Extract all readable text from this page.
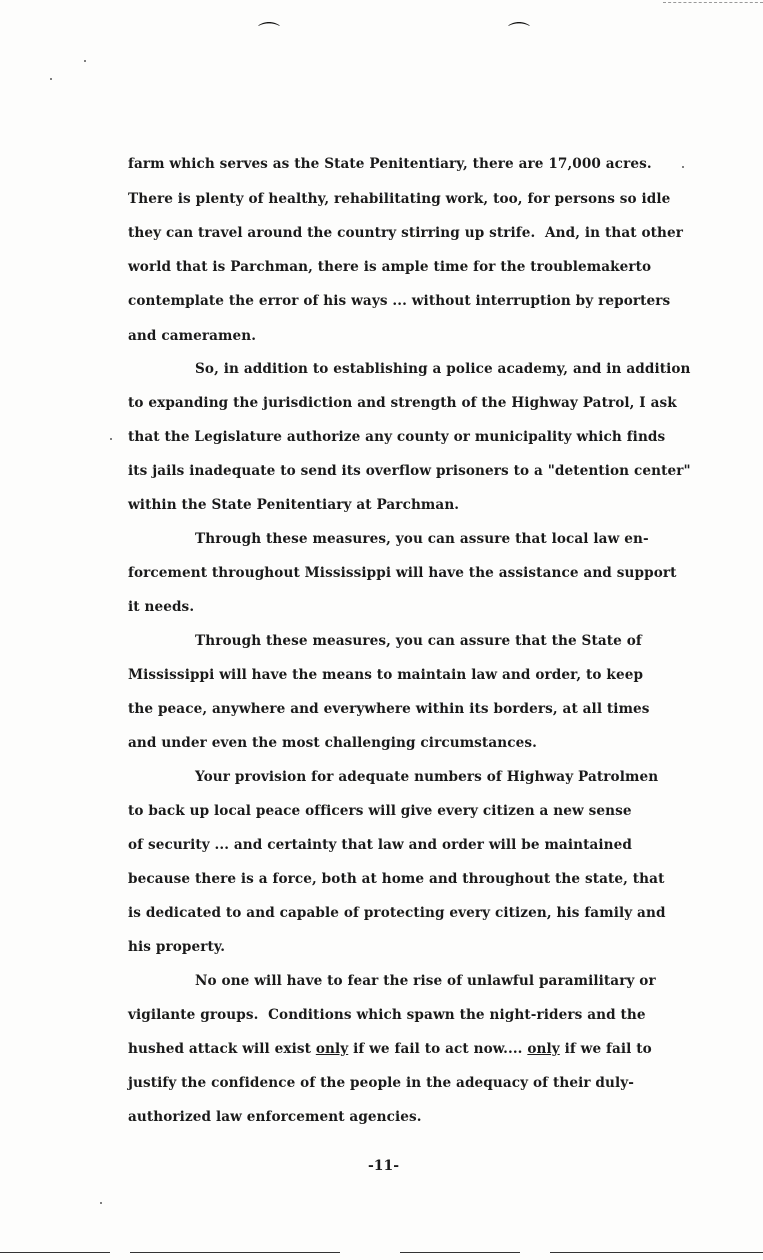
⌒	⌒
farm which serves as the State Penitentiary, there are 17,000 acres.
There is plenty of healthy, rehabilitating work, too, for persons so idle
they can travel around the country stirring up strife.  And, in that other
world that is Parchman, there is ample time for the troublemakerto
contemplate the error of his ways ... without interruption by reporters
and cameramen.
So, in addition to establishing a police academy, and in addition
to expanding the jurisdiction and strength of the Highway Patrol, I ask
that the Legislature authorize any county or municipality which finds
its jails inadequate to send its overflow prisoners to a "detention center"
within the State Penitentiary at Parchman.
Through these measures, you can assure that local law en-
forcement throughout Mississippi will have the assistance and support
it needs.
Through these measures, you can assure that the State of
Mississippi will have the means to maintain law and order, to keep
the peace, anywhere and everywhere within its borders, at all times
and under even the most challenging circumstances.
Your provision for adequate numbers of Highway Patrolmen
to back up local peace officers will give every citizen a new sense
of security ... and certainty that law and order will be maintained
because there is a force, both at home and throughout the state, that
is dedicated to and capable of protecting every citizen, his family and
his property.
No one will have to fear the rise of unlawful paramilitary or
vigilante groups.  Conditions which spawn the night-riders and the
hushed attack will exist only if we fail to act now.... only if we fail to
justify the confidence of the people in the adequacy of their duly-
authorized law enforcement agencies.
-11-
